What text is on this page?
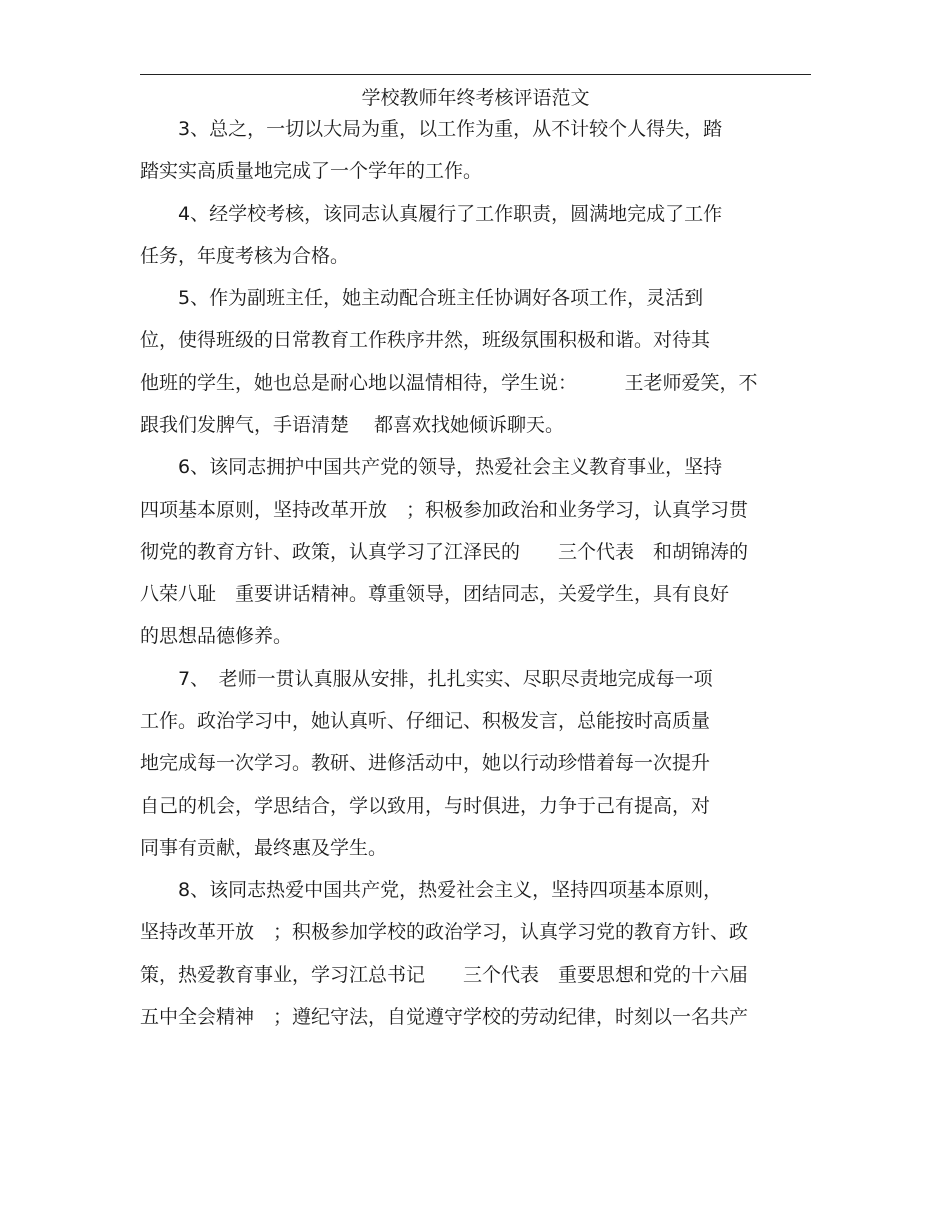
学校教师年终考核评语范文
　　3、总之，一切以大局为重，以工作为重，从不计较个人得失，踏
踏实实高质量地完成了一个学年的工作。
　　4、经学校考核，该同志认真履行了工作职责，圆满地完成了工作
任务，年度考核为合格。
　　5、作为副班主任，她主动配合班主任协调好各项工作，灵活到
位，使得班级的日常教育工作秩序井然，班级氛围积极和谐。对待其
他班的学生，她也总是耐心地以温情相待，学生说：　　　王老师爱笑，不
跟我们发脾气，手语清楚　 都喜欢找她倾诉聊天。
　　6、该同志拥护中国共产党的领导，热爱社会主义教育事业，坚持
四项基本原则，坚持改革开放　；积极参加政治和业务学习，认真学习贯
彻党的教育方针、政策，认真学习了江泽民的　　三个代表　和胡锦涛的
八荣八耻　重要讲话精神。尊重领导，团结同志，关爱学生，具有良好
的思想品德修养。
　　7、　老师一贯认真服从安排，扎扎实实、尽职尽责地完成每一项
工作。政治学习中，她认真听、仔细记、积极发言，总能按时高质量
地完成每一次学习。教研、进修活动中，她以行动珍惜着每一次提升
自己的机会，学思结合，学以致用，与时俱进，力争于己有提高，对
同事有贡献，最终惠及学生。
　　8、该同志热爱中国共产党，热爱社会主义，坚持四项基本原则，
坚持改革开放　；积极参加学校的政治学习，认真学习党的教育方针、政
策，热爱教育事业，学习江总书记　　三个代表　重要思想和党的十六届
五中全会精神　；遵纪守法，自觉遵守学校的劳动纪律，时刻以一名共产
